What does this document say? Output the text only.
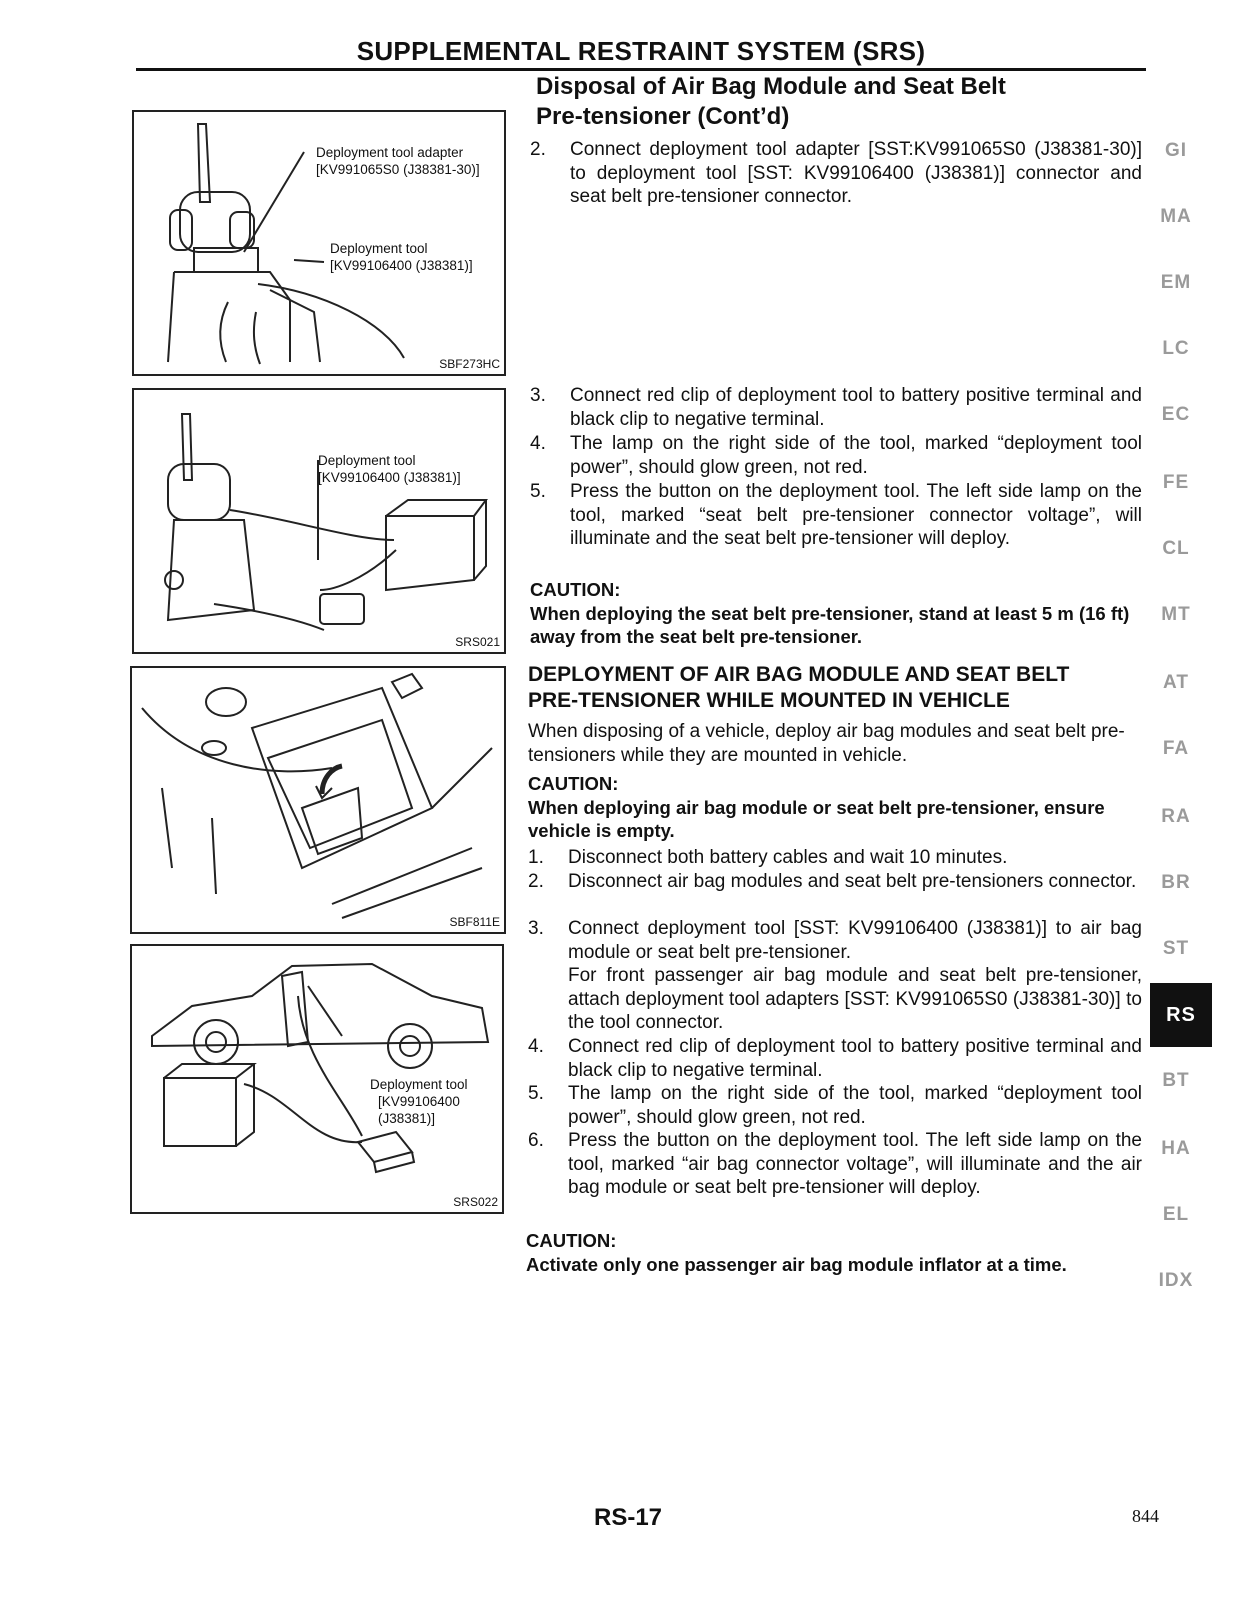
SUPPLEMENTAL RESTRAINT SYSTEM (SRS)
Disposal of Air Bag Module and Seat Belt
Pre-tensioner (Cont’d)
Deployment tool adapter
[KV991065S0 (J38381-30)]
Deployment tool
[KV99106400 (J38381)]
SBF273HC
Deployment tool
[KV99106400 (J38381)]
SRS021
SBF811E
Deployment tool
[KV99106400
(J38381)]
SRS022
2. Connect deployment tool adapter [SST:KV991065S0 (J38381-30)] to deployment tool [SST: KV99106400 (J38381)] connector and seat belt pre-tensioner connector.
3. Connect red clip of deployment tool to battery positive terminal and black clip to negative terminal.
4. The lamp on the right side of the tool, marked “deployment tool power”, should glow green, not red.
5. Press the button on the deployment tool. The left side lamp on the tool, marked “seat belt pre-tensioner connector voltage”, will illuminate and the seat belt pre-tensioner will deploy.
CAUTION:
When deploying the seat belt pre-tensioner, stand at least 5 m (16 ft) away from the seat belt pre-tensioner.
DEPLOYMENT OF AIR BAG MODULE AND SEAT BELT
PRE-TENSIONER WHILE MOUNTED IN VEHICLE
When disposing of a vehicle, deploy air bag modules and seat belt pre-tensioners while they are mounted in vehicle.
CAUTION:
When deploying air bag module or seat belt pre-tensioner, ensure vehicle is empty.
1. Disconnect both battery cables and wait 10 minutes.
2. Disconnect air bag modules and seat belt pre-tensioners connector.
3. Connect deployment tool [SST: KV99106400 (J38381)] to air bag module or seat belt pre-tensioner.
For front passenger air bag module and seat belt pre-tensioner, attach deployment tool adapters [SST: KV991065S0 (J38381-30)] to the tool connector.
4. Connect red clip of deployment tool to battery positive terminal and black clip to negative terminal.
5. The lamp on the right side of the tool, marked “deployment tool power”, should glow green, not red.
6. Press the button on the deployment tool. The left side lamp on the tool, marked “air bag connector voltage”, will illuminate and the air bag module or seat belt pre-tensioner will deploy.
CAUTION:
Activate only one passenger air bag module inflator at a time.
GI
MA
EM
LC
EC
FE
CL
MT
AT
FA
RA
BR
ST
RS
BT
HA
EL
IDX
RS-17	844
